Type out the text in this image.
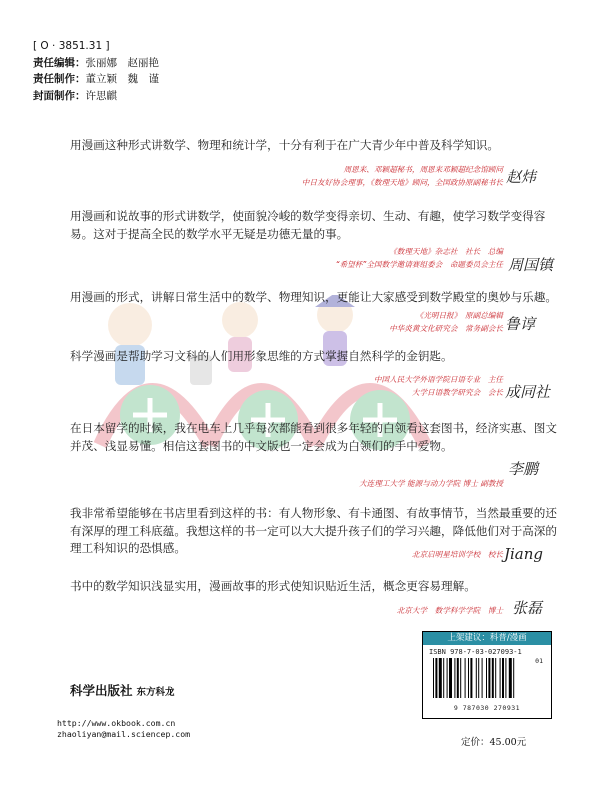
[ O · 3851.31 ]
责任编辑：张丽娜　赵丽艳
责任制作：董立颖　魏　谨
封面制作：许思麒
用漫画这种形式讲数学、物理和统计学，十分有利于在广大青少年中普及科学知识。
周恩来、邓颖超秘书，周恩来邓颖超纪念馆顾问
中日友好协会理事，《数理天地》顾问，全国政协原副秘书长 赵炜
用漫画和说故事的形式讲数学，使面貌冷峻的数学变得亲切、生动、有趣，使学习数学变得容易。这对于提高全民的数学水平无疑是功德无量的事。
《数理天地》杂志社　社长　总编
“希望杯”全国数学邀请赛组委会　命题委员会主任 周国镇
用漫画的形式，讲解日常生活中的数学、物理知识，更能让大家感受到数学殿堂的奥妙与乐趣。
《光明日报》　原副总编辑
中华炎黄文化研究会　常务副会长 鲁谆
科学漫画是帮助学习文科的人们用形象思维的方式掌握自然科学的金钥匙。
中国人民大学外语学院日语专业　主任
大学日语教学研究会　会长 成同社
在日本留学的时候，我在电车上几乎每次都能看到很多年轻的白领看这套图书，经济实惠、图文并茂、浅显易懂。相信这套图书的中文版也一定会成为白领们的手中爱物。
大连理工大学 能源与动力学院 博士 副教授
李鹏
我非常希望能够在书店里看到这样的书：有人物形象、有卡通图、有故事情节，当然最重要的还有深厚的理工科底蕴。我想这样的书一定可以大大提升孩子们的学习兴趣，降低他们对于高深的理工科知识的恐惧感。	北京启明星培训学校　校长 Jiang
书中的数学知识浅显实用，漫画故事的形式使知识贴近生活，概念更容易理解。
北京大学　数学科学学院　博士 张磊
上架建议：科普/漫画
ISBN 978-7-03-027093-1
01
9 787030 270931
定价：45.00元
科学出版社 东方科龙
http://www.okbook.com.cn
zhaoliyan@mail.sciencep.com
